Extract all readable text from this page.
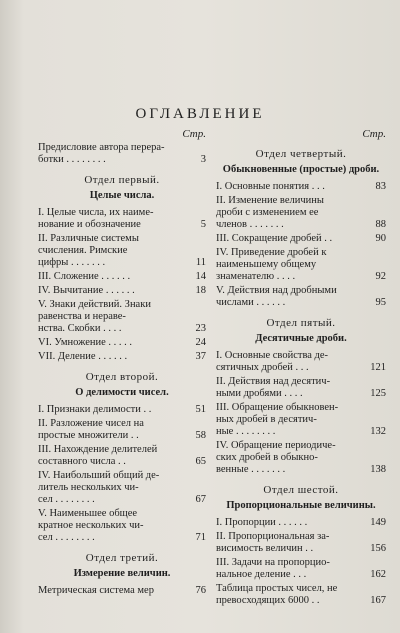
ОГЛАВЛЕНИЕ
Стр.
Предисловие автора перера-
ботки . . . . . . . .	3
Отдел первый.
Целые числа.
I. Целые числа, их наиме-
нование и обозначение	5
II. Различные системы
счисления. Римские
цифры . . . . . . .	11
III. Сложение . . . . . .	14
IV. Вычитание . . . . . .	18
V. Знаки действий. Знаки
равенства и нераве-
нства. Скобки . . . .	23
VI. Умножение . . . . .	24
VII. Деление . . . . . .	37
Отдел второй.
О делимости чисел.
I. Признаки делимости . .	51
II. Разложение чисел на
простые множители . .	58
III. Нахождение делителей
составного числа . .	65
IV. Наибольший общий де-
литель нескольких чи-
сел . . . . . . . .	67
V. Наименьшее общее
кратное нескольких чи-
сел . . . . . . . .	71
Отдел третий.
Измерение величин.
Метрическая система мер	76
Стр.
Отдел четвертый.
Обыкновенные (простые) дроби.
I. Основные понятия . . .	83
II. Изменение величины
дроби с изменением ее
членов . . . . . . .	88
III. Сокращение дробей . .	90
IV. Приведение дробей к
наименьшему общему
знаменателю . . . .	92
V. Действия над дробными
числами . . . . . .	95
Отдел пятый.
Десятичные дроби.
I. Основные свойства де-
сятичных дробей . . .	121
II. Действия над десятич-
ными дробями . . . .	125
III. Обращение обыкновен-
ных дробей в десятич-
ные . . . . . . . .	132
IV. Обращение периодиче-
ских дробей в обыкно-
венные . . . . . . .	138
Отдел шестой.
Пропорциональные величины.
I. Пропорции . . . . . .	149
II. Пропорциональная за-
висимость величин . .	156
III. Задачи на пропорцио-
нальное деление . . .	162
Таблица простых чисел, не
превосходящих 6000 . .	167
